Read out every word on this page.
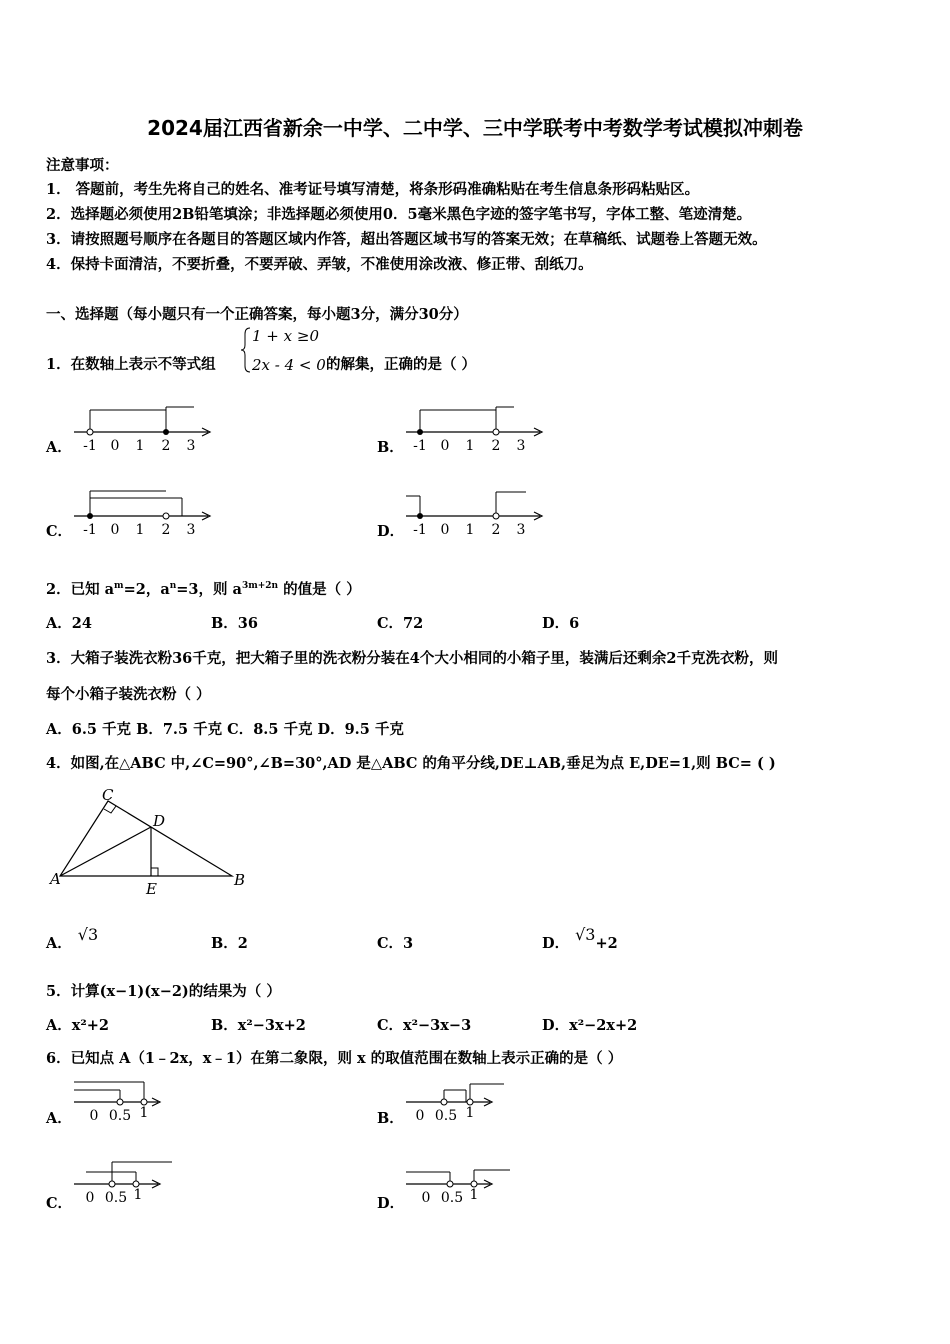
2024届江西省新余一中学、二中学、三中学联考中考数学考试模拟冲刺卷
注意事项：
1． 答题前，考生先将自己的姓名、准考证号填写清楚，将条形码准确粘贴在考生信息条形码粘贴区。
2．选择题必须使用2B铅笔填涂；非选择题必须使用0．5毫米黑色字迹的签字笔书写，字体工整、笔迹清楚。
3．请按照题号顺序在各题目的答题区域内作答，超出答题区域书写的答案无效；在草稿纸、试题卷上答题无效。
4．保持卡面清洁，不要折叠，不要弄破、弄皱，不准使用涂改液、修正带、刮纸刀。
一、选择题（每小题只有一个正确答案，每小题3分，满分30分）
1．在数轴上表示不等式组
1 + x ≥0
2x - 4 < 0 的解集，正确的是（ ）
A．	B．
C．	D．
-1 0 1 2 3	-1 0 1 2 3
-1 0 1 2 3	-1 0 1 2 3
2．已知 $a^m=2$，$a^n=3$，则 $a^{3m+2n}$ 的值是（ ）
A．24	B．36	C．72	D．6
3．大箱子装洗衣粉36千克，把大箱子里的洗衣粉分装在4个大小相同的小箱子里，装满后还剩余2千克洗衣粉，则
每个小箱子装洗衣粉（ ）
A．6.5 千克 B．7.5 千克 C．8.5 千克 D．9.5 千克
4．如图,在△ABC 中,∠C=90°,∠B=30°,AD 是△ABC 的角平分线,DE⊥AB,垂足为点 E,DE=1,则 BC= ( )
A	B
C
D
E
A． √3	B．2	C．3	D． √3+2
5．计算(x−1)(x−2)的结果为（ ）
A．x²+2	B．x²−3x+2	C．x²−3x−3	D．x²−2x+2
6．已知点 A（1﹣2x，x﹣1）在第二象限，则 x 的取值范围在数轴上表示正确的是（ ）
A．	B．
C．	D．
0 0.5 1	0 0.5 1
0 0.5 1	0 0.5 1
